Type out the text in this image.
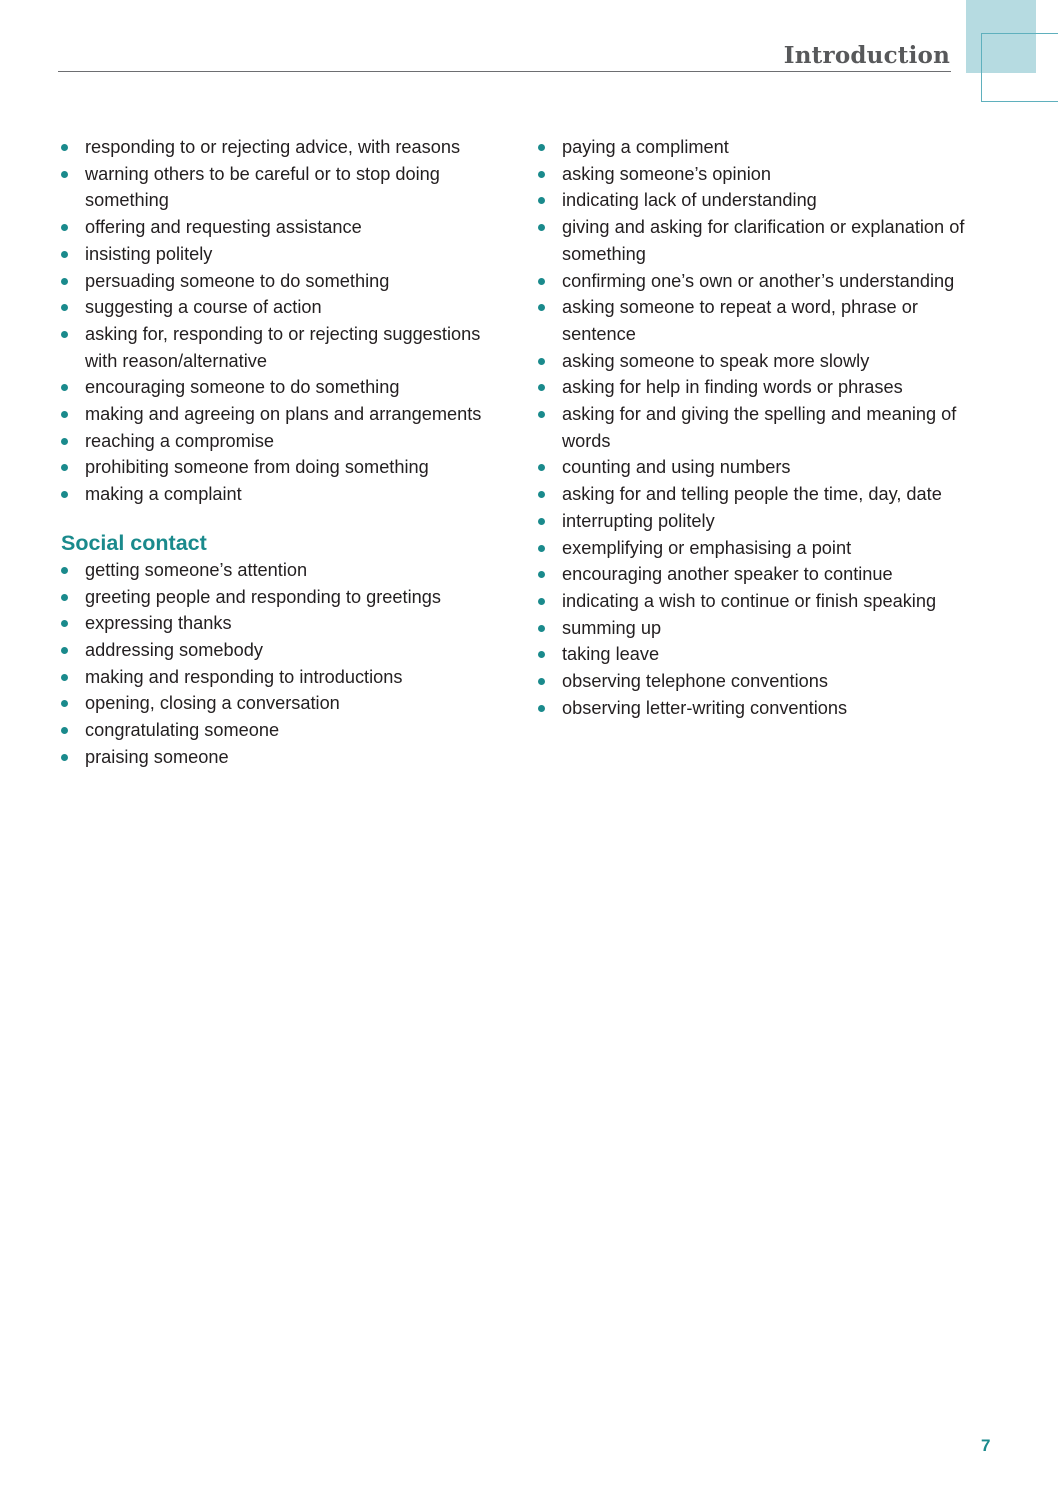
Introduction
responding to or rejecting advice, with reasons
warning others to be careful or to stop doing something
offering and requesting assistance
insisting politely
persuading someone to do something
suggesting a course of action
asking for, responding to or rejecting suggestions with reason/alternative
encouraging someone to do something
making and agreeing on plans and arrangements
reaching a compromise
prohibiting someone from doing something
making a complaint
Social contact
getting someone’s attention
greeting people and responding to greetings
expressing thanks
addressing somebody
making and responding to introductions
opening, closing a conversation
congratulating someone
praising someone
paying a compliment
asking someone’s opinion
indicating lack of understanding
giving and asking for clarification or explanation of something
confirming one’s own or another’s understanding
asking someone to repeat a word, phrase or sentence
asking someone to speak more slowly
asking for help in finding words or phrases
asking for and giving the spelling and meaning of words
counting and using numbers
asking for and telling people the time, day, date
interrupting politely
exemplifying or emphasising a point
encouraging another speaker to continue
indicating a wish to continue or finish speaking
summing up
taking leave
observing telephone conventions
observing letter-writing conventions
7
